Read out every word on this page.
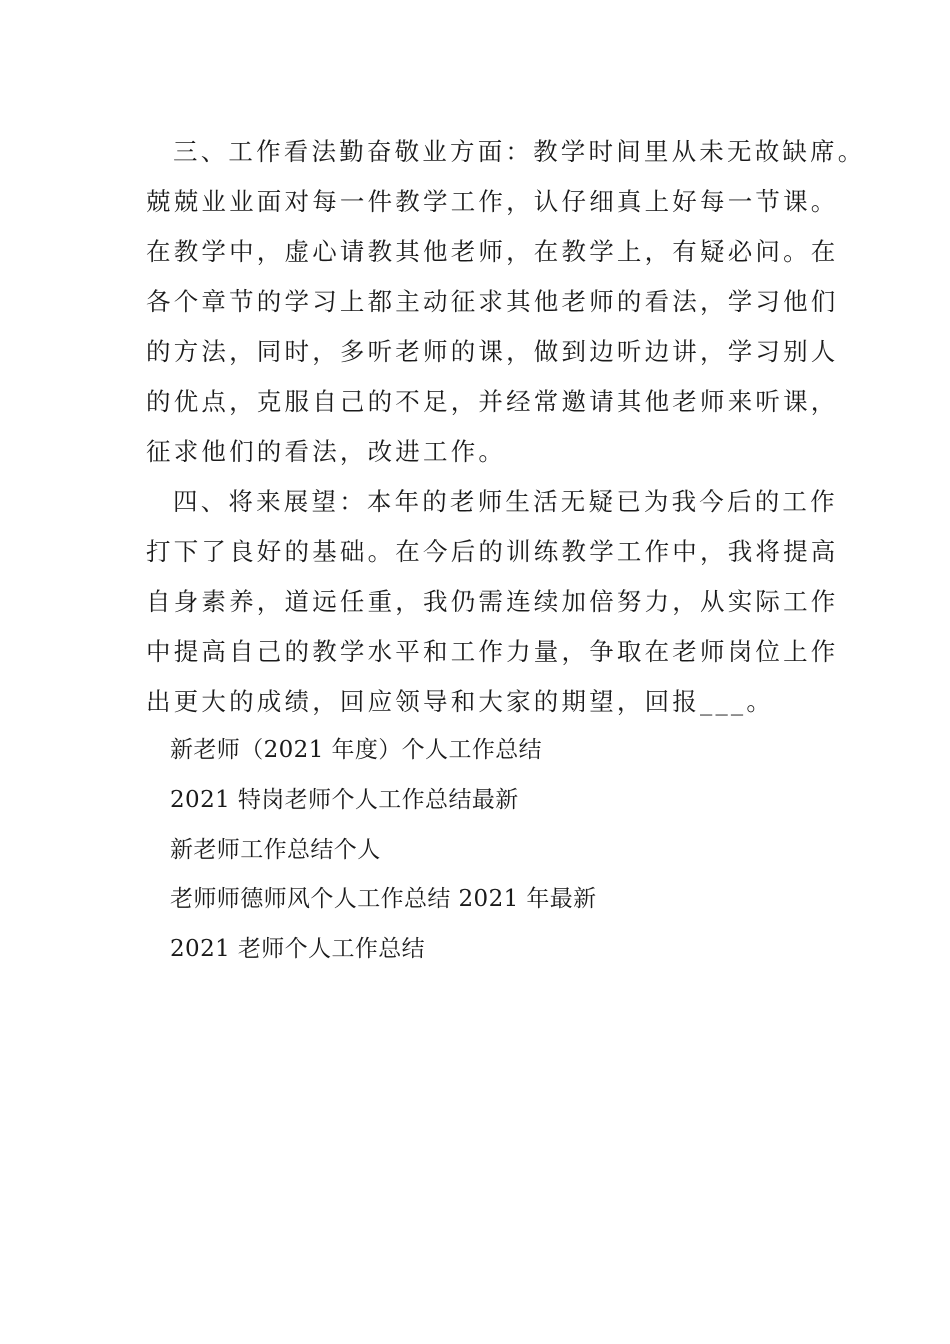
三、工作看法勤奋敬业方面：教学时间里从未无故缺席。
兢兢业业面对每一件教学工作，认仔细真上好每一节课。
在教学中，虚心请教其他老师，在教学上，有疑必问。在
各个章节的学习上都主动征求其他老师的看法，学习他们
的方法，同时，多听老师的课，做到边听边讲，学习别人
的优点，克服自己的不足，并经常邀请其他老师来听课，
征求他们的看法，改进工作。
四、将来展望：本年的老师生活无疑已为我今后的工作
打下了良好的基础。在今后的训练教学工作中，我将提高
自身素养，道远任重，我仍需连续加倍努力，从实际工作
中提高自己的教学水平和工作力量，争取在老师岗位上作
出更大的成绩，回应领导和大家的期望，回报___。
新老师（2021 年度）个人工作总结
2021 特岗老师个人工作总结最新
新老师工作总结个人
老师师德师风个人工作总结 2021 年最新
2021 老师个人工作总结
